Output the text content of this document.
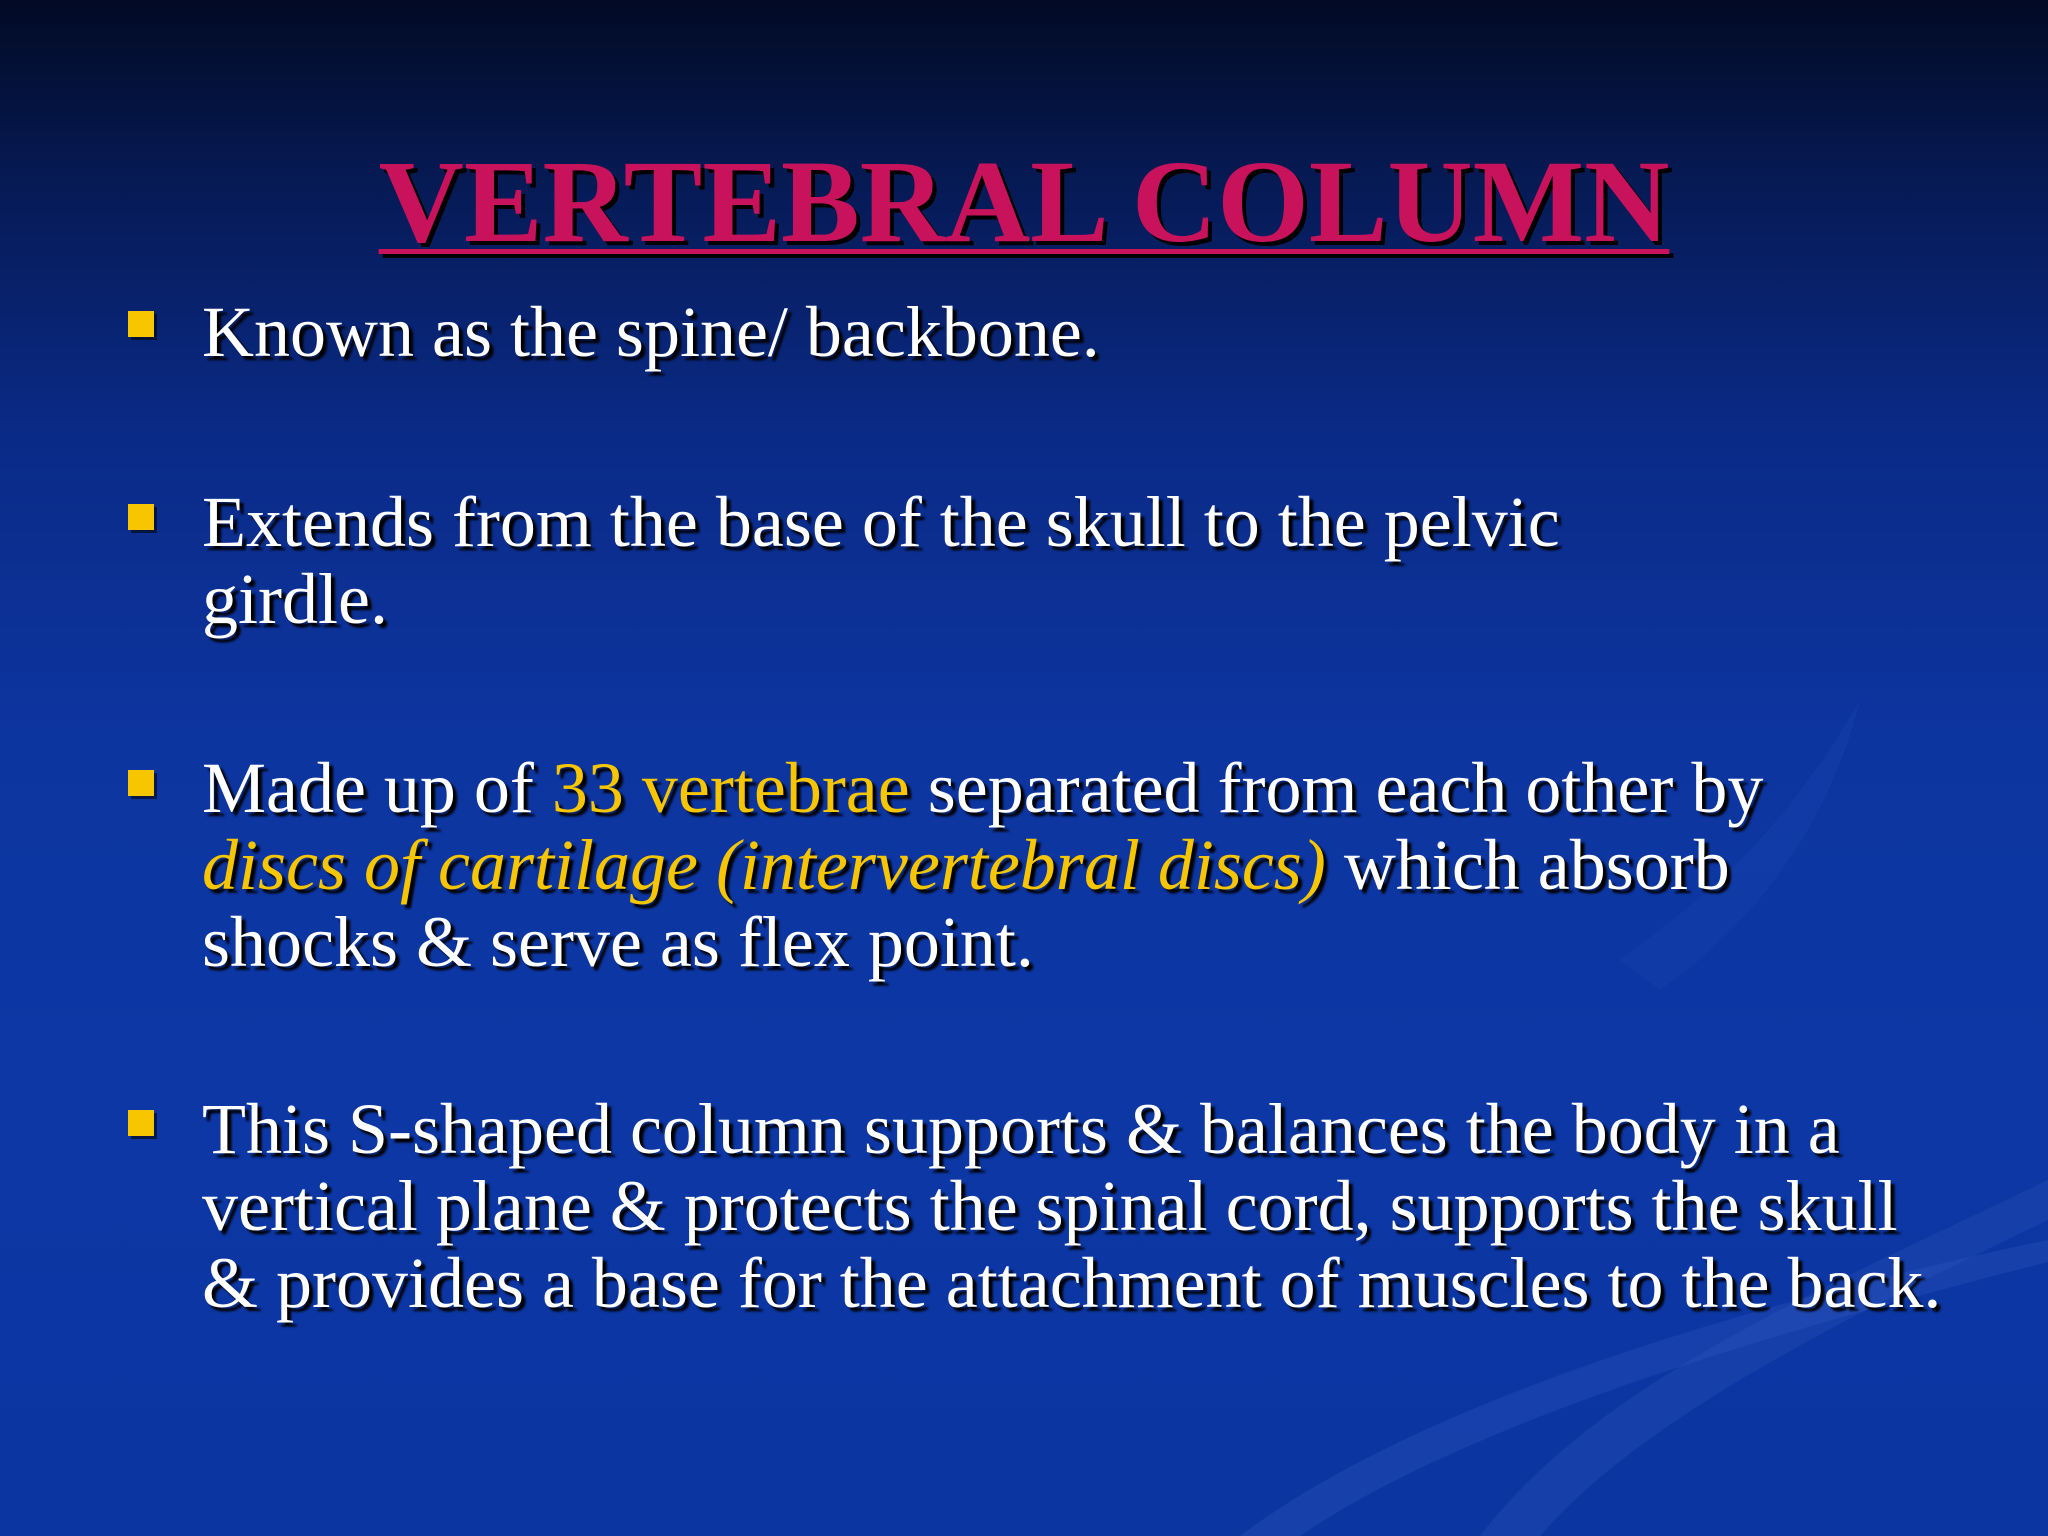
VERTEBRAL COLUMN
Known as the spine/ backbone.
Extends from the base of the skull to the pelvic girdle.
Made up of 33 vertebrae separated from each other by discs of cartilage (intervertebral discs) which absorb shocks & serve as flex point.
This S-shaped column supports & balances the body in a vertical plane & protects the spinal cord, supports the skull & provides a base for the attachment of muscles to the back.
